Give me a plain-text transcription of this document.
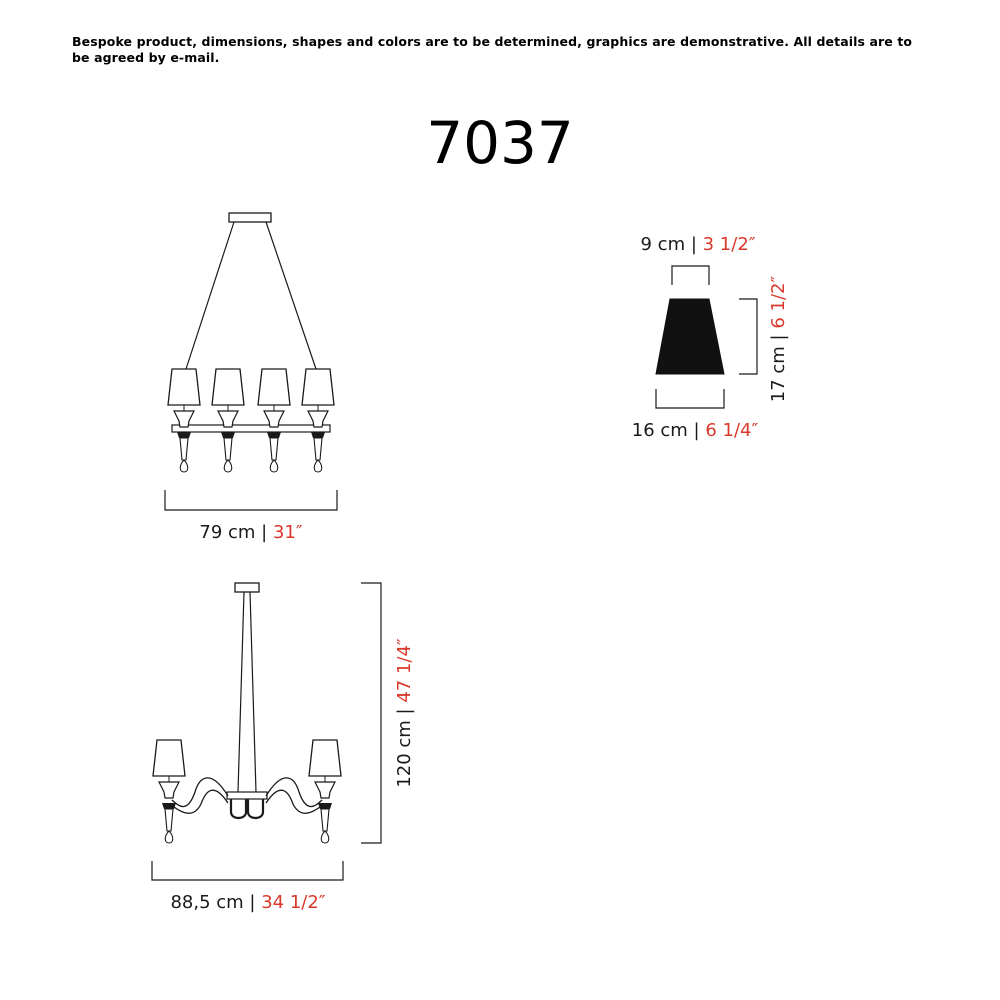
Bespoke product, dimensions, shapes and colors are to be determined, graphics are demonstrative. All details are to be agreed by e-mail.
7037
79 cm | 31″
9 cm | 3 1/2″
16 cm | 6 1/4″
17 cm | 6 1/2″
88,5 cm | 34 1/2″
120 cm | 47 1/4″
